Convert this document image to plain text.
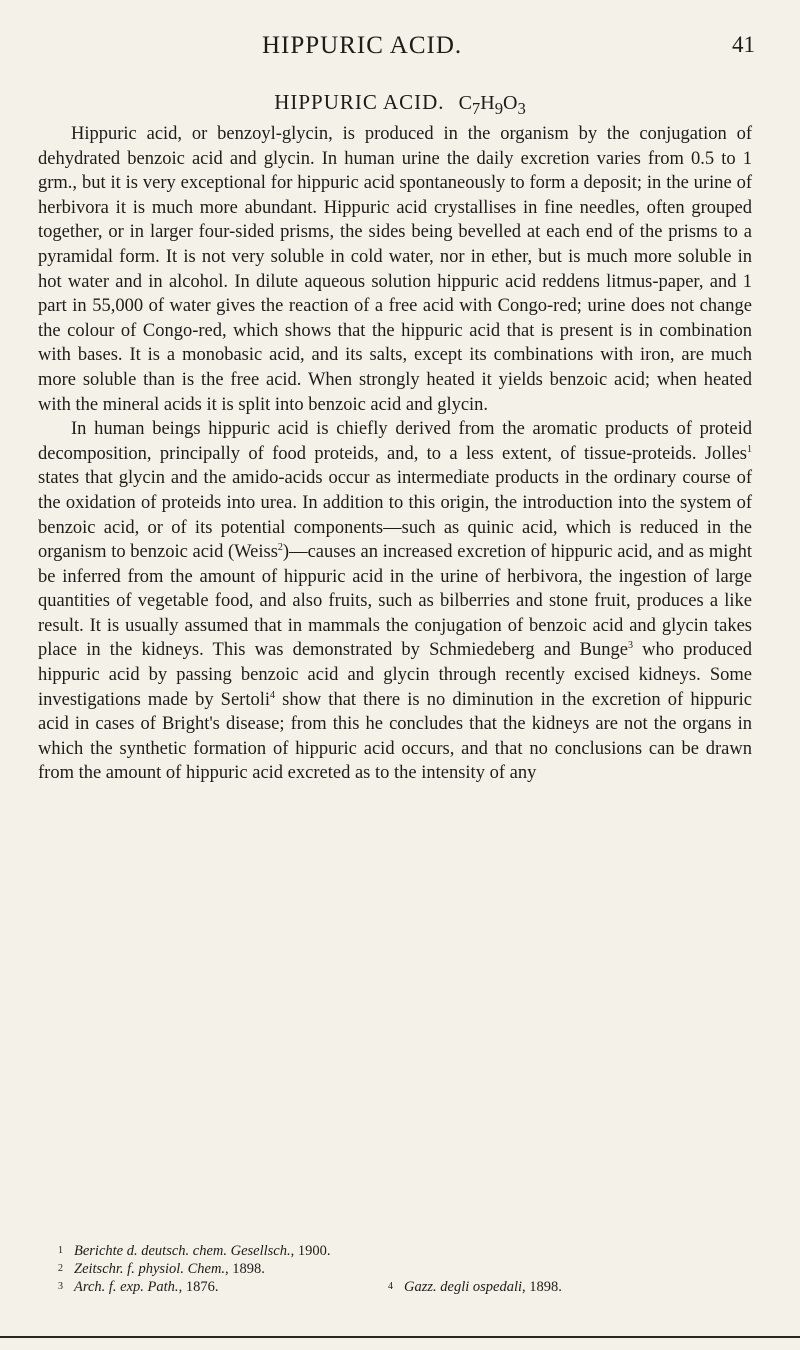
HIPPURIC ACID.	41
HIPPURIC ACID. $C_7H_9O_3$

Hippuric acid, or benzoyl-glycin, is produced in the organism by the conjugation of dehydrated benzoic acid and glycin. In human urine the daily excretion varies from 0.5 to 1 grm., but it is very exceptional for hippuric acid spontaneously to form a deposit; in the urine of herbivora it is much more abundant. Hippuric acid crystallises in fine needles, often grouped together, or in larger four-sided prisms, the sides being bevelled at each end of the prisms to a pyramidal form. It is not very soluble in cold water, nor in ether, but is much more soluble in hot water and in alcohol. In dilute aqueous solution hippuric acid reddens litmus-paper, and 1 part in 55,000 of water gives the reaction of a free acid with Congo-red; urine does not change the colour of Congo-red, which shows that the hippuric acid that is present is in combination with bases. It is a monobasic acid, and its salts, except its combinations with iron, are much more soluble than is the free acid. When strongly heated it yields benzoic acid; when heated with the mineral acids it is split into benzoic acid and glycin.

In human beings hippuric acid is chiefly derived from the aromatic products of proteid decomposition, principally of food proteids, and, to a less extent, of tissue-proteids. Jolles$^1$ states that glycin and the amido-acids occur as intermediate products in the ordinary course of the oxidation of proteids into urea. In addition to this origin, the introduction into the system of benzoic acid, or of its potential components—such as quinic acid, which is reduced in the organism to benzoic acid (Weiss$^2$)—causes an increased excretion of hippuric acid, and as might be inferred from the amount of hippuric acid in the urine of herbivora, the ingestion of large quantities of vegetable food, and also fruits, such as bilberries and stone fruit, produces a like result. It is usually assumed that in mammals the conjugation of benzoic acid and glycin takes place in the kidneys. This was demonstrated by Schmiedeberg and Bunge$^3$ who produced hippuric acid by passing benzoic acid and glycin through recently excised kidneys. Some investigations made by Sertoli$^4$ show that there is no diminution in the excretion of hippuric acid in cases of Bright's disease; from this he concludes that the kidneys are not the organs in which the synthetic formation of hippuric acid occurs, and that no conclusions can be drawn from the amount of hippuric acid excreted as to the intensity of any

1 Berichte d. deutsch. chem. Gesellsch., 1900.
2 Zeitschr. f. physiol. Chem., 1898.
3 Arch. f. exp. Path., 1876.	4 Gazz. degli ospedali, 1898.
